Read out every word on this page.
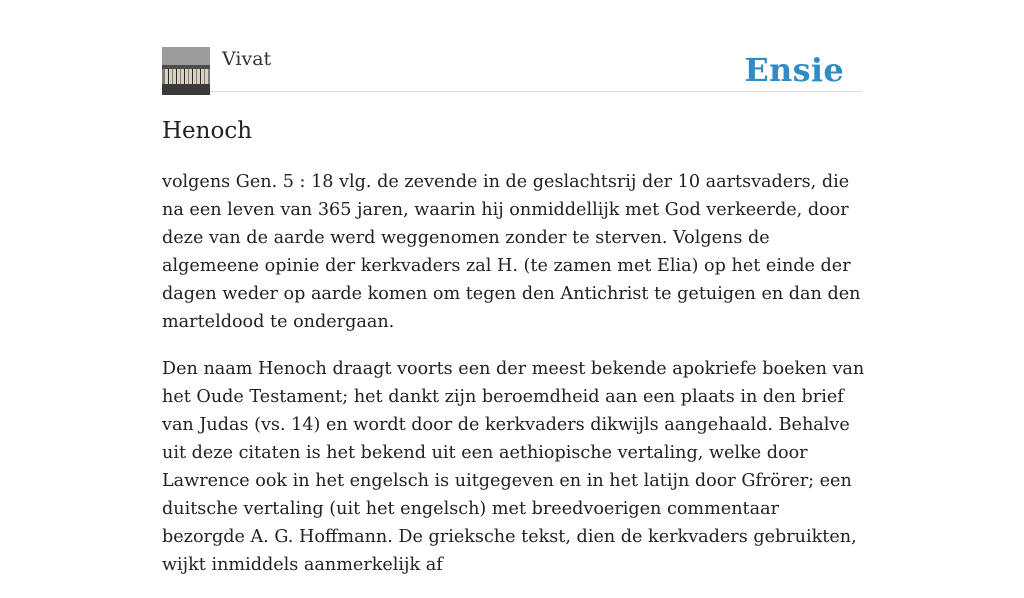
Vivat	Ensie
Henoch

volgens Gen. 5 : 18 vlg. de zevende in de geslachtsrij der 10 aartsvaders, die na een leven van 365 jaren, waarin hij onmiddellijk met God verkeerde, door deze van de aarde werd weggenomen zonder te sterven. Volgens de algemeene opinie der kerkvaders zal H. (te zamen met Elia) op het einde der dagen weder op aarde komen om tegen den Antichrist te getuigen en dan den marteldood te ondergaan.

Den naam Henoch draagt voorts een der meest bekende apokriefe boeken van het Oude Testament; het dankt zijn beroemdheid aan een plaats in den brief van Judas (vs. 14) en wordt door de kerkvaders dikwijls aangehaald. Behalve uit deze citaten is het bekend uit een aethiopische vertaling, welke door Lawrence ook in het engelsch is uitgegeven en in het latijn door Gfrörer; een duitsche vertaling (uit het engelsch) met breedvoerigen commentaar bezorgde A. G. Hoffmann. De grieksche tekst, dien de kerkvaders gebruikten, wijkt inmiddels aanmerkelijk af
